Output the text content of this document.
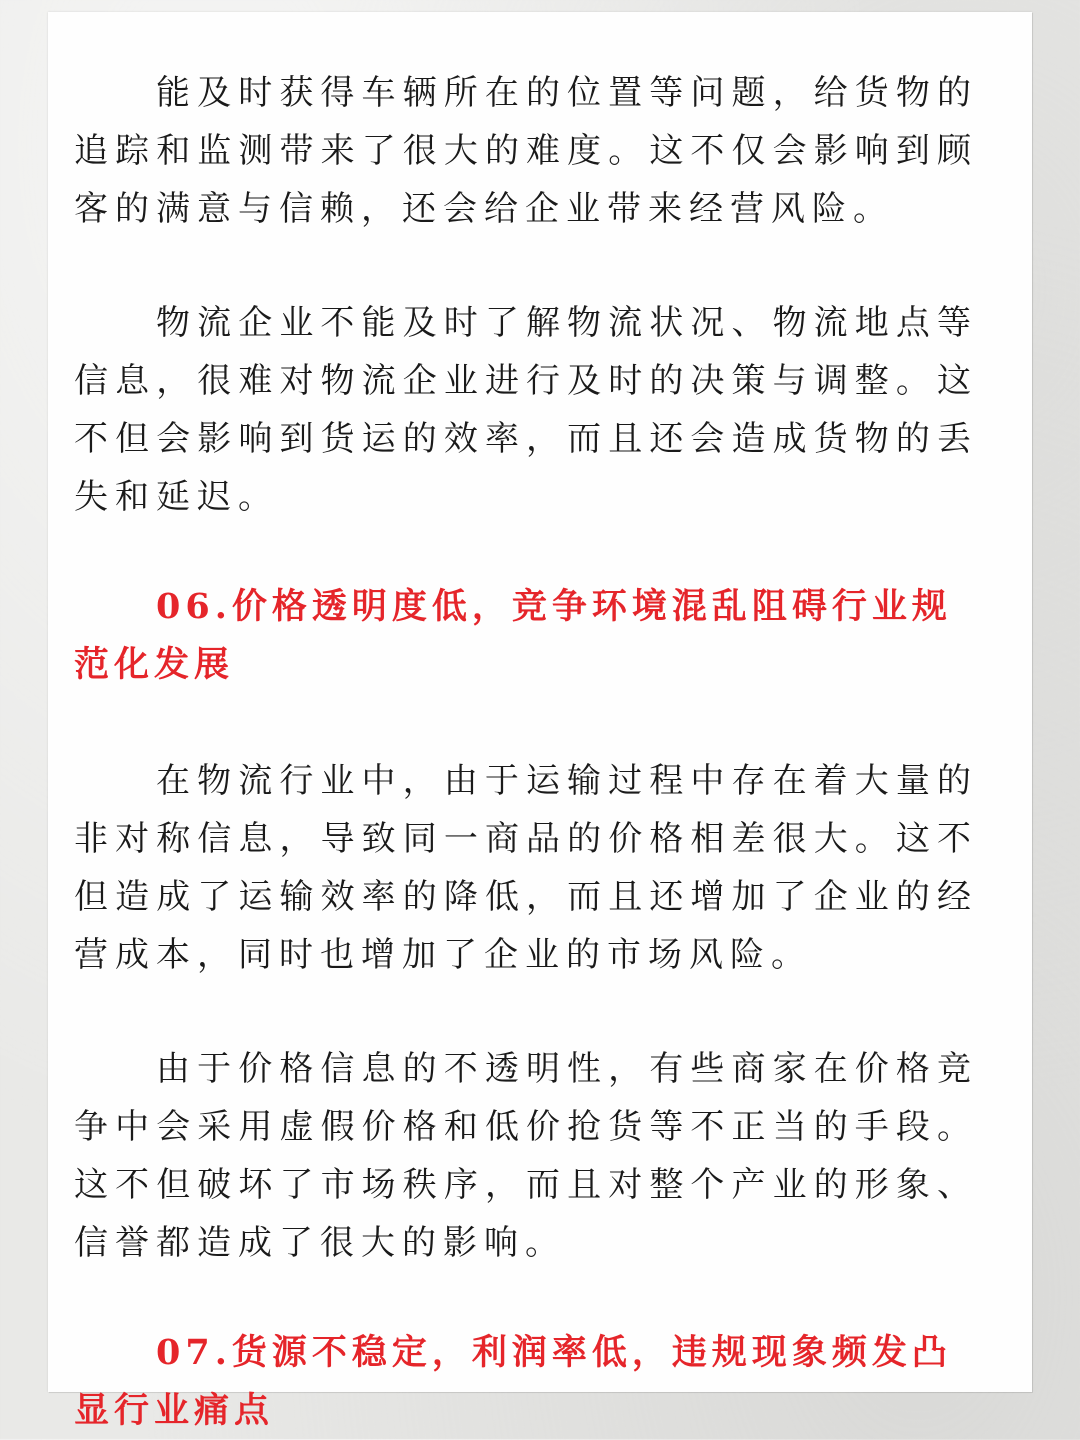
能及时获得车辆所在的位置等问题，给货物的追踪和监测带来了很大的难度。这不仅会影响到顾客的满意与信赖，还会给企业带来经营风险。

物流企业不能及时了解物流状况、物流地点等信息，很难对物流企业进行及时的决策与调整。这不但会影响到货运的效率，而且还会造成货物的丢失和延迟。

06.价格透明度低，竞争环境混乱阻碍行业规范化发展

在物流行业中，由于运输过程中存在着大量的非对称信息，导致同一商品的价格相差很大。这不但造成了运输效率的降低，而且还增加了企业的经营成本，同时也增加了企业的市场风险。

由于价格信息的不透明性，有些商家在价格竞争中会采用虚假价格和低价抢货等不正当的手段。这不但破坏了市场秩序，而且对整个产业的形象、信誉都造成了很大的影响。

07.货源不稳定，利润率低，违规现象频发凸显行业痛点
